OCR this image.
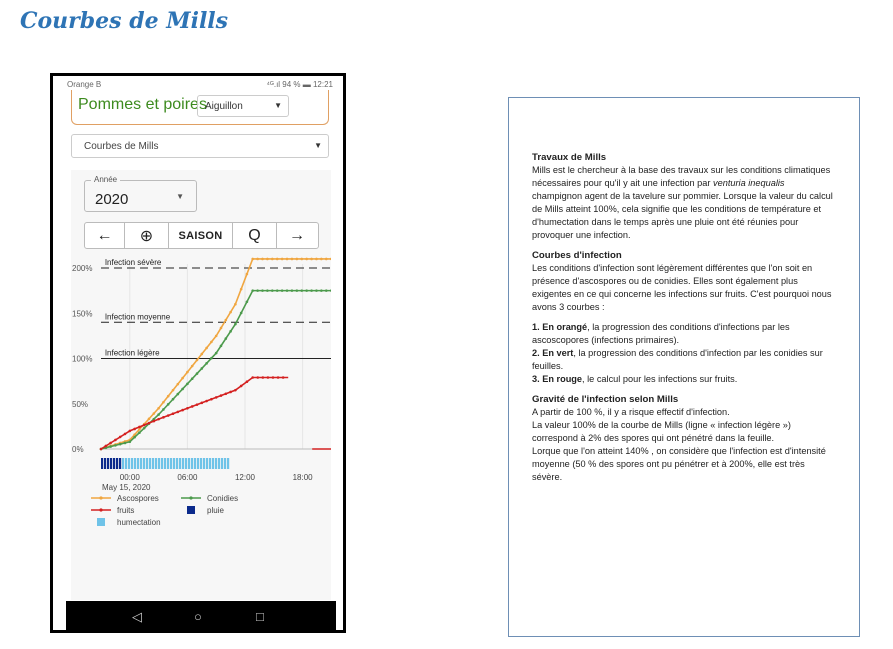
Courbes de Mills
Orange B	⁴ᴳ.ıl 94 % ▬ 12:21
Pommes et poires
Aiguillon	▼
Courbes de Mills	▼
Année
2020	▼
←	⊕	SAISON	Q	→
200%
150%
100%
50%
0%
Infection sévère
Infection moyenne
Infection légère
00:00	06:00	12:00	18:00
May 15, 2020
Ascospores	Conidies
fruits	pluie
humectation
◁	○	□
Travaux de Mills

Mills est le chercheur à la base des travaux sur les conditions climatiques nécessaires pour qu'il y ait une infection par venturia inequalis champignon agent de la tavelure sur pommier. Lorsque la valeur du calcul de Mills atteint 100%, cela signifie que les conditions de température et d'humectation dans le temps après une pluie ont été réunies pour provoquer une infection.

Courbes d'infection

Les conditions d'infection sont légèrement différentes que l'on soit en présence d'ascospores ou de conidies. Elles sont également plus exigentes en ce qui concerne les infections sur fruits. C'est pourquoi nous avons 3 courbes :

1. En orangé, la progression des conditions d'infections par les ascoscopores (infections primaires).
2. En vert, la progression des conditions d'infection par les conidies sur feuilles.
3. En rouge, le calcul pour les infections sur fruits.
Gravité de l'infection selon Mills
A partir de 100 %, il y a risque effectif d'infection.
La valeur 100% de la courbe de Mills (ligne « infection légère ») correspond à 2% des spores qui ont pénétré dans la feuille.
Lorque que l'on atteint 140% , on considère que l'infection est d'intensité moyenne (50 % des spores ont pu pénétrer et à 200%, elle est très sévère.
